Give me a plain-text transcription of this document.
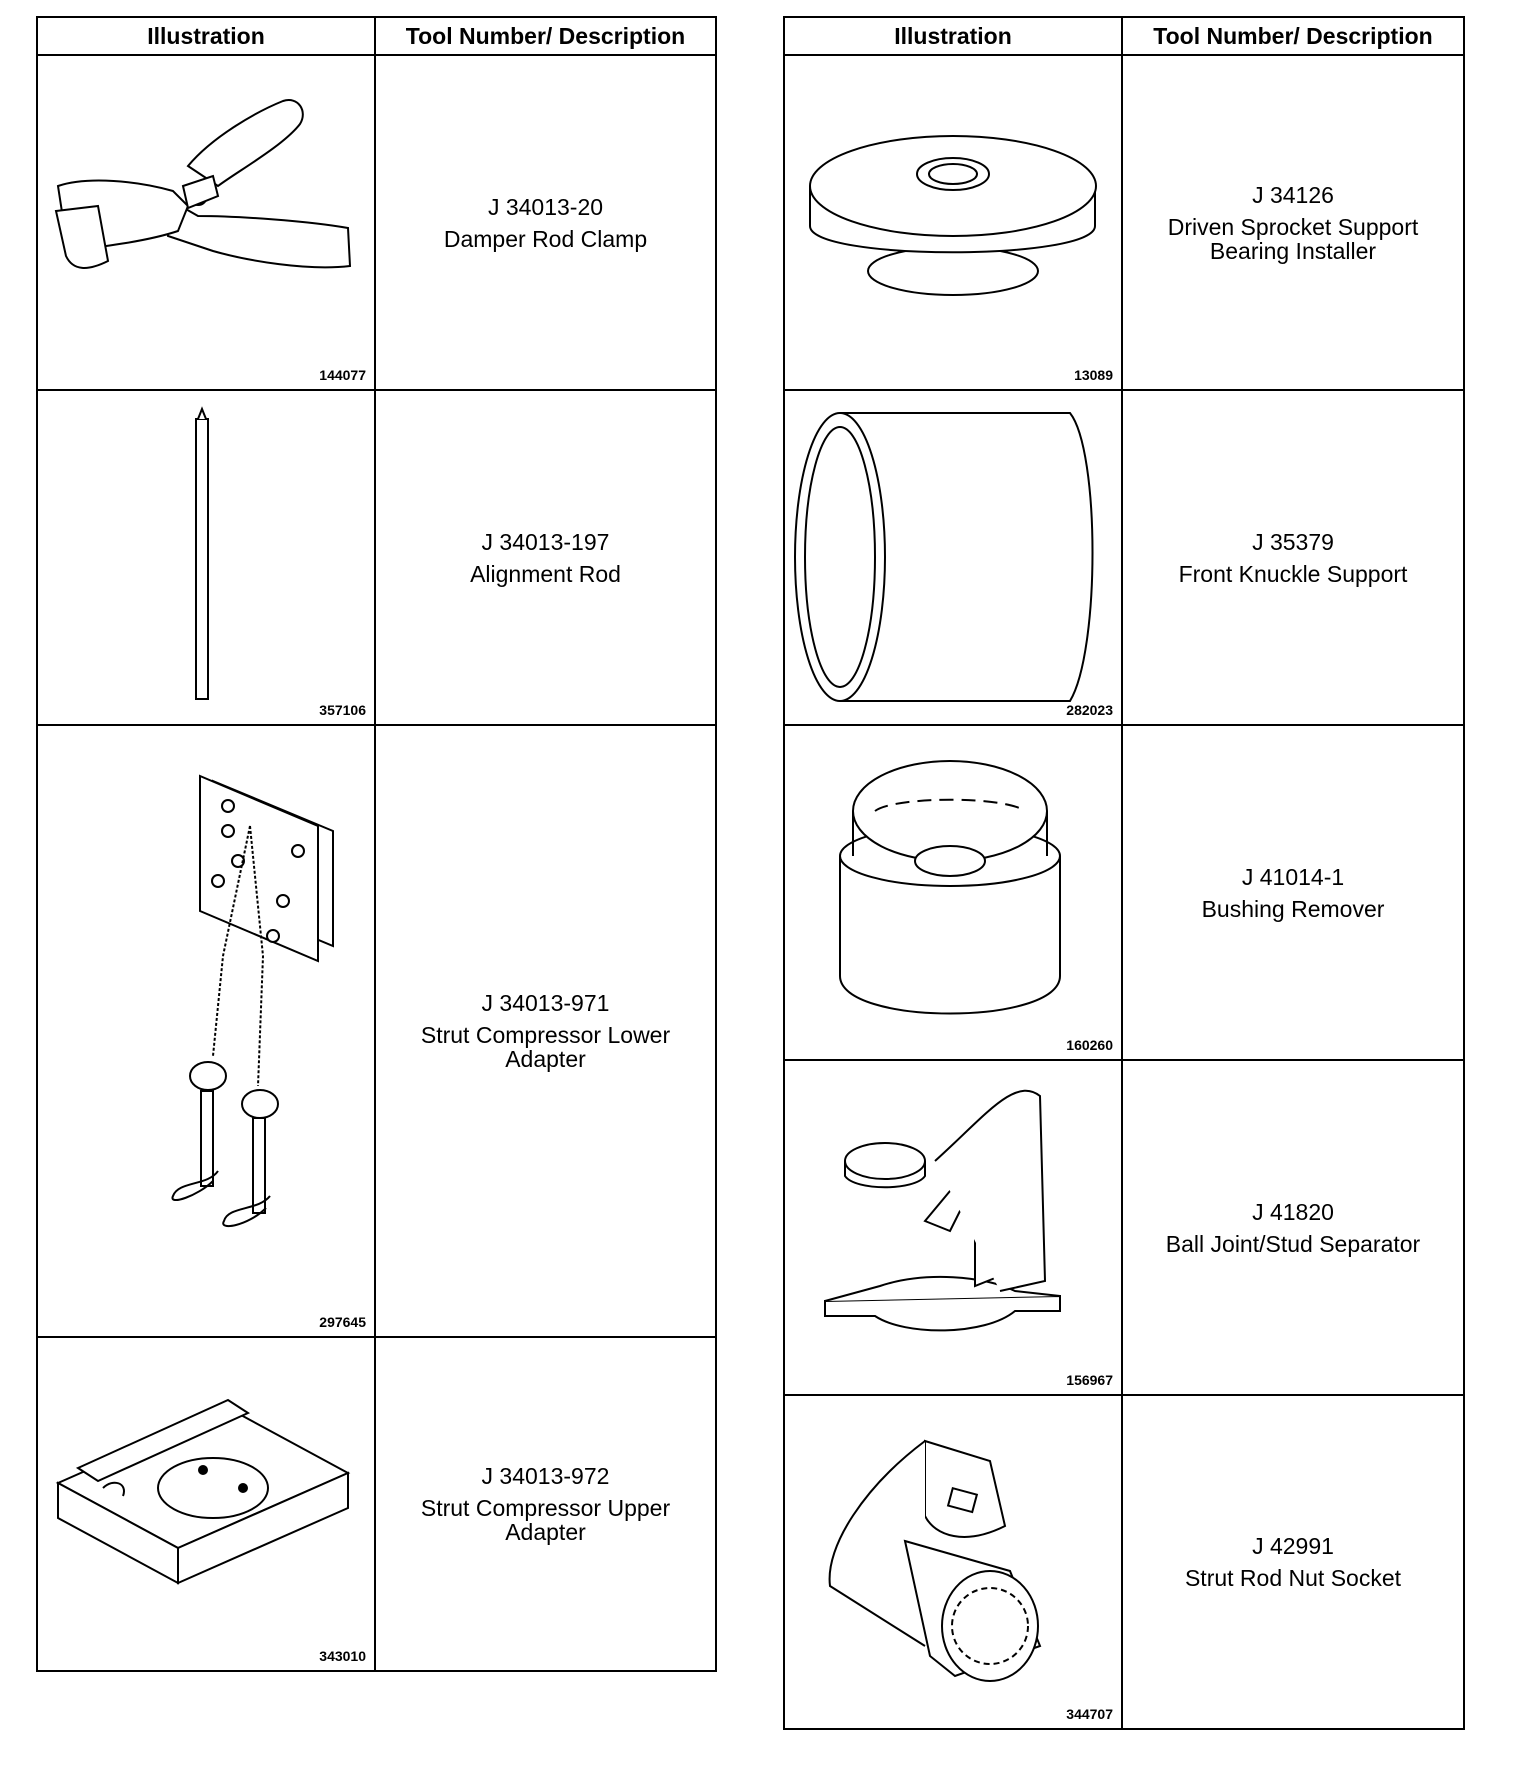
Illustration	Tool Number/ Description
144077
J 34013-20
Damper Rod Clamp
357106
J 34013-197
Alignment Rod
297645
J 34013-971
Strut Compressor Lower Adapter
343010
J 34013-972
Strut Compressor Upper Adapter
Illustration	Tool Number/ Description
13089
J 34126
Driven Sprocket Support Bearing Installer
282023
J 35379
Front Knuckle Support
160260
J 41014-1
Bushing Remover
156967
J 41820
Ball Joint/Stud Separator
344707
J 42991
Strut Rod Nut Socket
